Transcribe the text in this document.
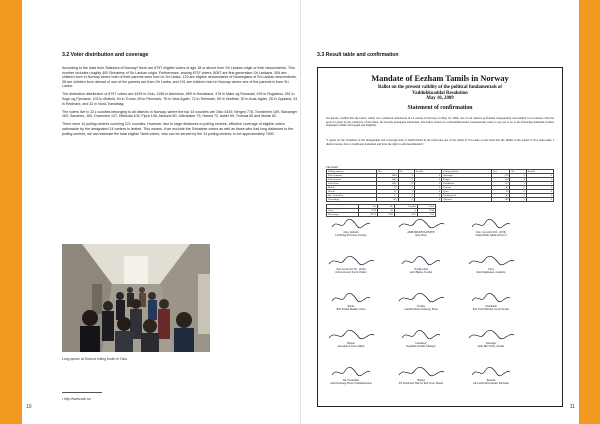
3.2 Voter distribution and coverage

According to the data from Statistics of Norway¹ there are 8797 eligible voters of age 18 or above from Sri Lankan origin or their descendents. This number includes roughly 400 Sinhalese of Sri Lankan origin. Furthermore, among 8797 voters, 8087 are first generation Sri Lankans, 554 are children born in Norway where both of their parents were born in Sri Lanka, 129 are eligible descendants of Norwegians of Sri Lankan descendents, 36 are children born abroad of one of the parents are from Sri Lanka, and 191 are children born in Norway where one of the parents is from Sri Lanka.

The distinctive distribution of 8797 voters are 4439 in Oslo, 1156 in Akershus, 859 in Hordaland, 478 in Møre og Romsdal, 439 in Rogaland, 261 in Sogn og Fjordane, 102 in Østfold, 94 in Troms, 89 in Finnmark, 76 in Vest-Agder, 72 in Telemark, 69 in Vestfold, 30 in Aust-Agder, 28 in Oppland, 24 in Hedmark, and 32 in Nord-Trøndelag.

The voters live in 221 counties belonging to all districts in Norway, where the top 14 counties are Oslo 4439, Bergen 778, Trondheim 189, Stavanger 163, Sandnes, 160, Drammen 137, Hillesdal 109, Fjora 108, Alesund 80, Ullensaker 75, Hareid 72, Asker 69, Tromsø 65 and Molde 62.

There were 14 polling centres covering 221 counties. However, due to large distances to polling centres, effective coverage of eligible voters nationwide by the designated 14 centres is limited. This means, if we exclude the Sinhalese voters as well as those who had long distances to the polling centres, we can estimate the total eligible Tamil voters, who can be served by the 14 polling centres, to be approximately 7000.

Long queue at Oranud voting booth in Oslo.
¹ http://www.ssb.no
10
3.3 Result table and confirmation
Mandate of Eezham Tamils in Norway
Ballot on the present validity of the political fundamentals of
Vaddukkoaddai Resolution
May 10, 2009
Statement of confirmation
We hereby confirm that the ballot, which was conducted nationwide in 14 centres in Norway on May 10, 2009, was in our opinion performed transparently and reliably in accordance with the protocol given by the conductor of the ballot, the broadly newspaper Ukeavisen. The ballot, based on a referendum model, requested the voters to say yes or no to the following statement in three languages (Tamil, Norwegian and English):
"I aspire for the formation of the independent and sovereign state of Tamil Eelam in the north and east of the island of Sri Lanka on the basis that the Tamils in the island of Sri Lanka make a distinct nation, have a traditional homeland and have the right to self-determination".
The result:
Polling stations	Yes	No	Invalid	Polling stations	Yes	No	Invalid
Oslo Sentrum	1484	9	0	Stavanger	279	0	0
Oslo Grorud	1463	9	0	Bergen	536	4	2
Oslo Bryn	1061	12	2	Trondheim	137	1	0
Molde	78	0	0	Tromsø	47	0	0
Hareid	87	1	0	Fjora	39	0	0
Bø i Vesterålen	17	0	0	Nordfjordeid	41	1	0
Lørenskog	163	0	0	Ålesund	109	1	0
	Yes	No	Invalid	Total
Votes	5576	38	4	5618
Percentage	99.25	0.68	0.07	100
Oslo, Sentrum
Leif Helge Fraavian, Attorney
AMB MIKKESTAINSEN
Oslo, Bryn
Oslo, Grorud (16:00 - 20:00)
Sophie Blehi, Medical Doctor
Oslo Grorud (11:30 - 16:00)
Odin Gwewad, Social Worker
Nordfjordeid
Arild Bjerke, Teacher
Fjora
Knut Magnussen, Journalist
Molde
Britt Kristin Munthe, Nurse
Tromsø
Gunhild Marie Svalastog, Priest
Trondheim
Elin Ytterli Helstad, Social Worker
Bergen
Alexandra Larsen, Milieu
Lørenskog
Ragnhild Nordahl, Manager
Stavanger
Anne Britt Sælle, Teacher
Bø i Vesterålen
Arild Kveriuga, Head of Administration
Hareid
Eli Sæterbaud, Head of Red Cross, Hareid
Ålesund
Ole Laurits Haverstrøm, Purchaser
11
